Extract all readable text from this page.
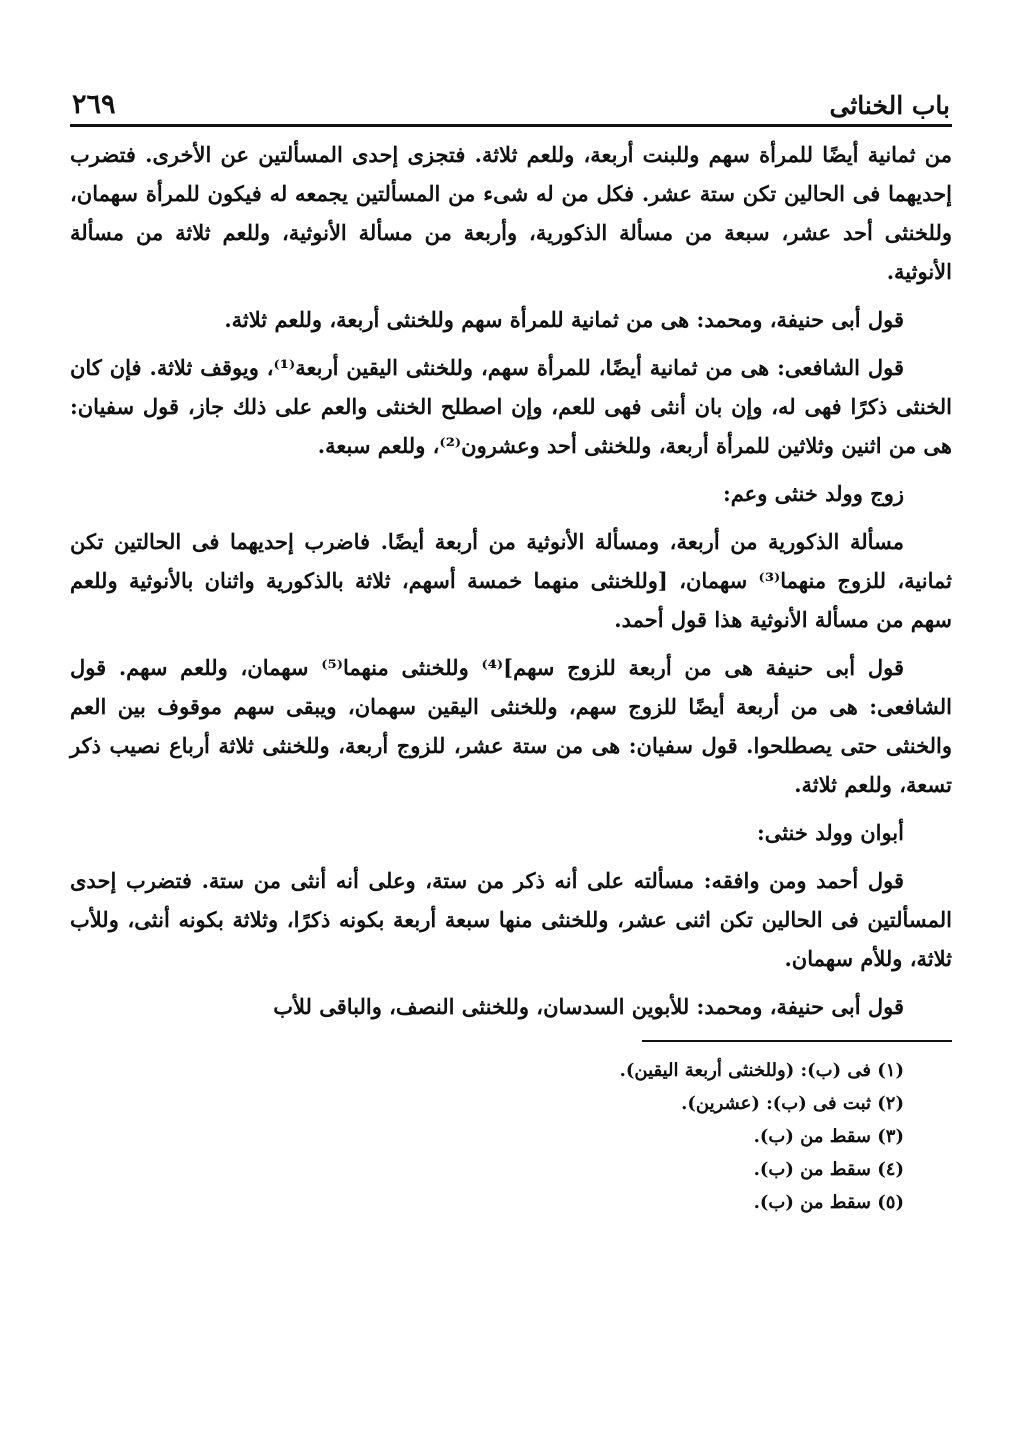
باب الخناثى
٢٦٩

من ثمانية أيضًا للمرأة سهم وللبنت أربعة، وللعم ثلاثة. فتجزى إحدى المسألتين عن الأخرى. فتضرب إحديهما فى الحالين تكن ستة عشر. فكل من له شىء من المسألتين يجمعه له فيكون للمرأة سهمان، وللخنثى أحد عشر، سبعة من مسألة الذكورية، وأربعة من مسألة الأنوثية، وللعم ثلاثة من مسألة الأنوثية.

قول أبى حنيفة، ومحمد: هى من ثمانية للمرأة سهم وللخنثى أربعة، وللعم ثلاثة.

قول الشافعى: هى من ثمانية أيضًا، للمرأة سهم، وللخنثى اليقين أربعة⁽¹⁾، ويوقف ثلاثة. فإن كان الخنثى ذكرًا فهى له، وإن بان أنثى فهى للعم، وإن اصطلح الخنثى والعم على ذلك جاز، قول سفيان: هى من اثنين وثلاثين للمرأة أربعة، وللخنثى أحد وعشرون⁽²⁾، وللعم سبعة.

زوج وولد خنثى وعم:

مسألة الذكورية من أربعة، ومسألة الأنوثية من أربعة أيضًا. فاضرب إحديهما فى الحالتين تكن ثمانية، للزوج منهما⁽³⁾ سهمان، [وللخنثى منهما خمسة أسهم، ثلاثة بالذكورية واثنان بالأنوثية وللعم سهم من مسألة الأنوثية هذا قول أحمد.

قول أبى حنيفة هى من أربعة للزوج سهم]⁽⁴⁾ وللخنثى منهما⁽⁵⁾ سهمان، وللعم سهم. قول الشافعى: هى من أربعة أيضًا للزوج سهم، وللخنثى اليقين سهمان، ويبقى سهم موقوف بين العم والخنثى حتى يصطلحوا. قول سفيان: هى من ستة عشر، للزوج أربعة، وللخنثى ثلاثة أرباع نصيب ذكر تسعة، وللعم ثلاثة.

أبوان وولد خنثى:

قول أحمد ومن وافقه: مسألته على أنه ذكر من ستة، وعلى أنه أنثى من ستة. فتضرب إحدى المسألتين فى الحالين تكن اثنى عشر، وللخنثى منها سبعة أربعة بكونه ذكرًا، وثلاثة بكونه أنثى، وللأب ثلاثة، وللأم سهمان.

قول أبى حنيفة، ومحمد: للأبوين السدسان، وللخنثى النصف، والباقى للأب

(١) فى (ب): (وللخنثى أربعة اليقين).
(٢) ثبت فى (ب): (عشرين).
(٣) سقط من (ب).
(٤) سقط من (ب).
(٥) سقط من (ب).
